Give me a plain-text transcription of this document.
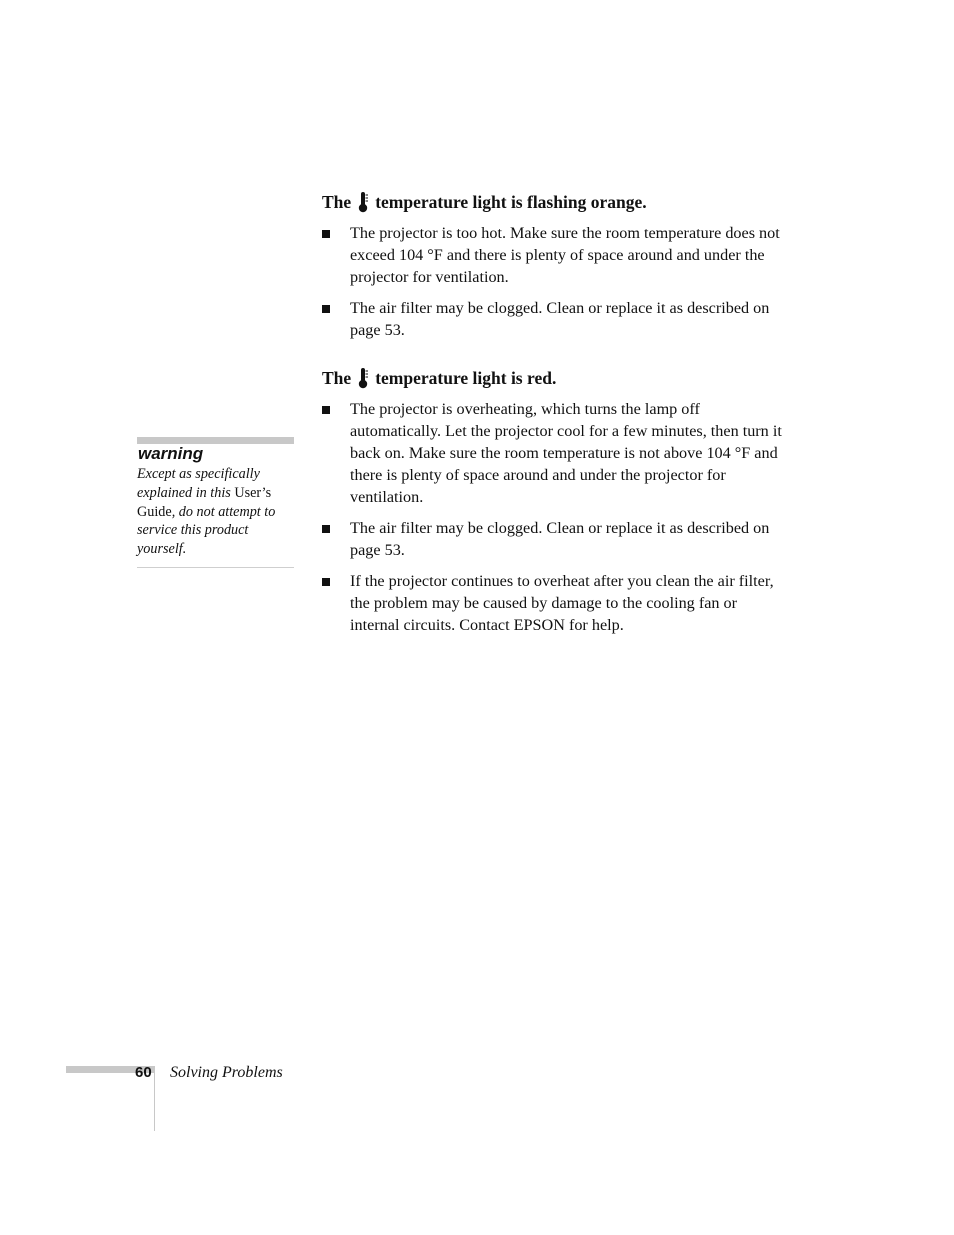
The temperature light is flashing orange.
The projector is too hot. Make sure the room temperature does not exceed 104 °F and there is plenty of space around and under the projector for ventilation.
The air filter may be clogged. Clean or replace it as described on page 53.
The temperature light is red.
The projector is overheating, which turns the lamp off automatically. Let the projector cool for a few minutes, then turn it back on. Make sure the room temperature is not above 104 °F and there is plenty of space around and under the projector for ventilation.
The air filter may be clogged. Clean or replace it as described on page 53.
If the projector continues to overheat after you clean the air filter, the problem may be caused by damage to the cooling fan or internal circuits. Contact EPSON for help.
warning
Except as specifically explained in this User’s Guide, do not attempt to service this product yourself.
60 Solving Problems
